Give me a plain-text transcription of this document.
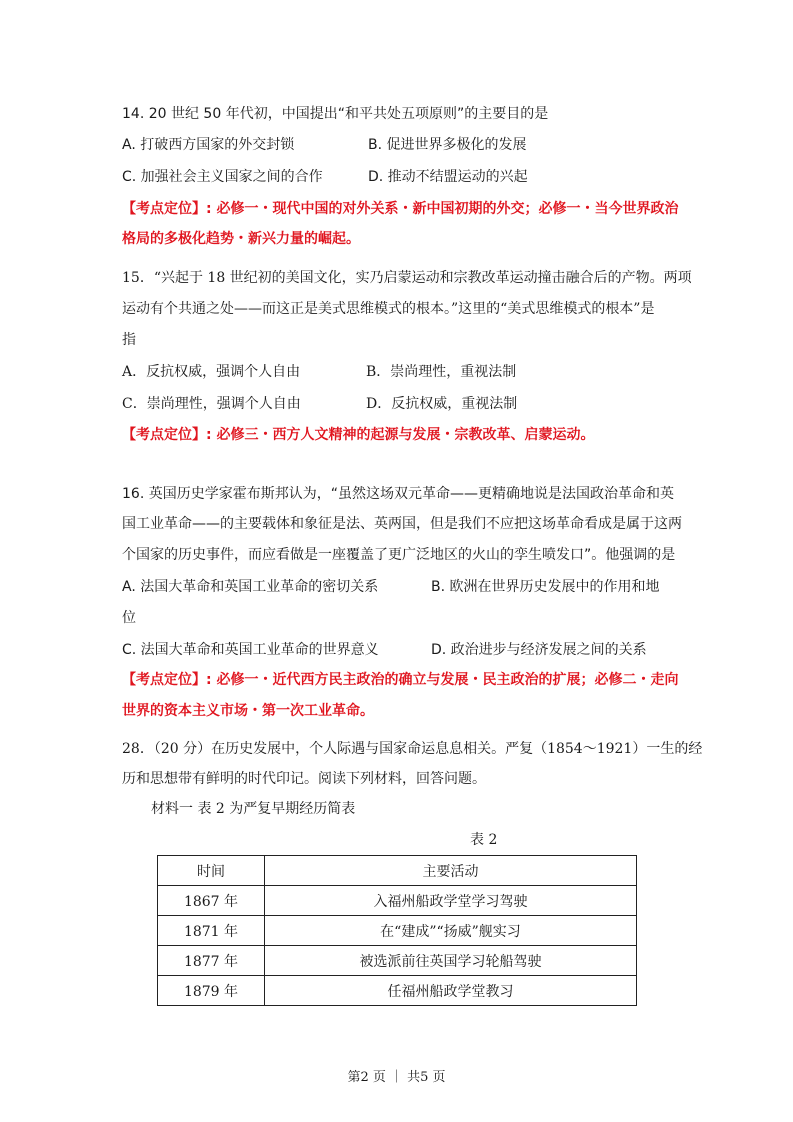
14. 20 世纪 50 年代初，中国提出“和平共处五项原则”的主要目的是
A. 打破西方国家的外交封锁	B. 促进世界多极化的发展
C. 加强社会主义国家之间的合作	D. 推动不结盟运动的兴起
【考点定位】: 必修一・现代中国的对外关系・新中国初期的外交；必修一・当今世界政治
格局的多极化趋势・新兴力量的崛起。
15．“兴起于 18 世纪初的美国文化，实乃启蒙运动和宗教改革运动撞击融合后的产物。两项
运动有个共通之处——而这正是美式思维模式的根本。”这里的“美式思维模式的根本”是
指
A．反抗权威，强调个人自由	B．崇尚理性，重视法制
C．崇尚理性，强调个人自由	D．反抗权威，重视法制
【考点定位】: 必修三・西方人文精神的起源与发展・宗教改革、启蒙运动。
16. 英国历史学家霍布斯邦认为，“虽然这场双元革命——更精确地说是法国政治革命和英
国工业革命——的主要载体和象征是法、英两国，但是我们不应把这场革命看成是属于这两
个国家的历史事件，而应看做是一座覆盖了更广泛地区的火山的孪生喷发口”。他强调的是
A. 法国大革命和英国工业革命的密切关系	B. 欧洲在世界历史发展中的作用和地
位
C. 法国大革命和英国工业革命的世界意义	D. 政治进步与经济发展之间的关系
【考点定位】: 必修一・近代西方民主政治的确立与发展・民主政治的扩展；必修二・走向
世界的资本主义市场・第一次工业革命。
28．（20 分）在历史发展中，个人际遇与国家命运息息相关。严复（1854～1921）一生的经
历和思想带有鲜明的时代印记。阅读下列材料，回答问题。
材料一 表 2 为严复早期经历简表
表 2
时间	主要活动
1867 年	入福州船政学堂学习驾驶
1871 年	在“建成”“扬威”舰实习
1877 年	被选派前往英国学习轮船驾驶
1879 年	任福州船政学堂教习
第2 页 ｜ 共5 页
